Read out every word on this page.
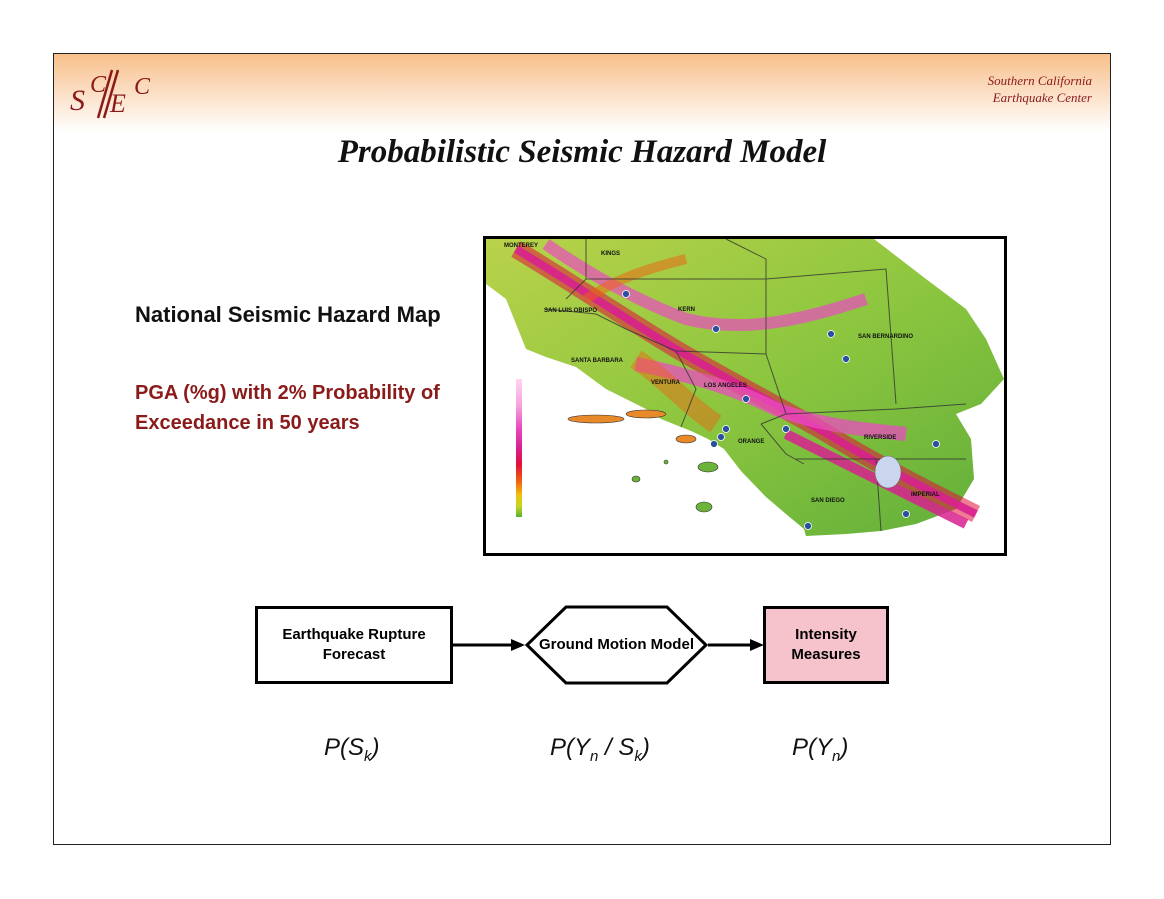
S C
E
C	Southern California
Earthquake Center
Probabilistic Seismic Hazard Model
National Seismic Hazard Map
PGA (%g) with 2% Probability of Exceedance in 50 years
MONTEREY
KINGS
SAN LUIS OBISPO	KERN
SANTA BARBARA
VENTURA	LOS ANGELES
SAN BERNARDINO
ORANGE
RIVERSIDE
SAN DIEGO
IMPERIAL
Earthquake Rupture Forecast
Ground Motion Model
Intensity Measures
$P(S_k)$	$P(Y_n / S_k)$	$P(Y_n)$
